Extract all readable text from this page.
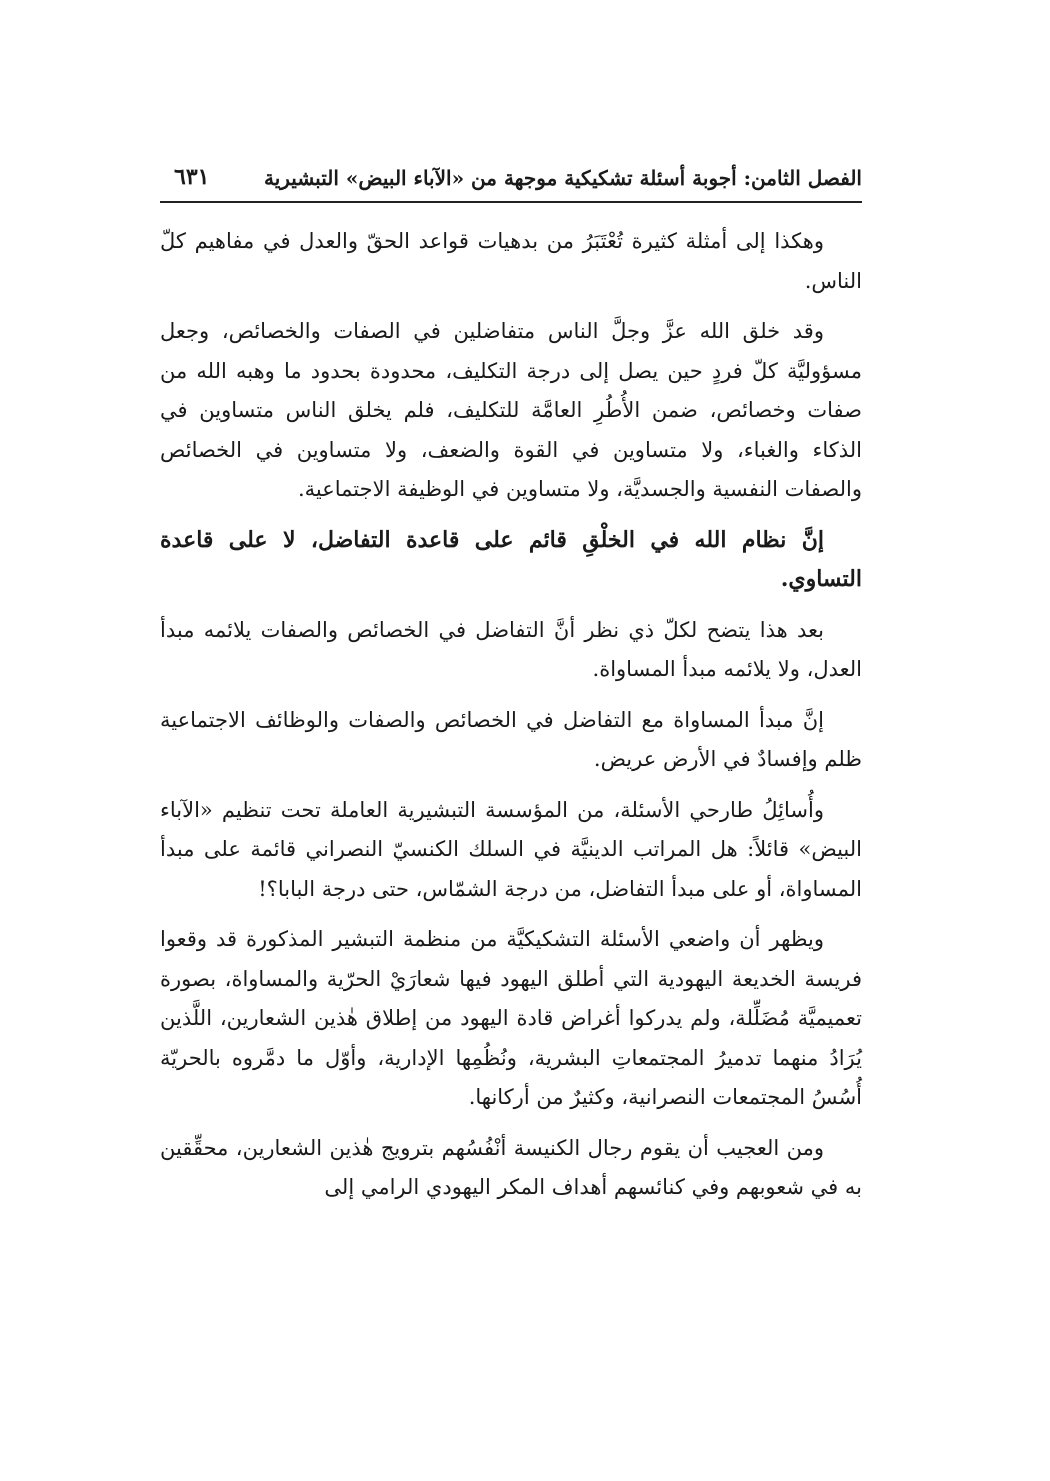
الفصل الثامن: أجوبة أسئلة تشكيكية موجهة من «الآباء البيض» التبشيرية
٦٣١

وهكذا إلى أمثلة كثيرة تُعْتَبَرُ من بدهيات قواعد الحقّ والعدل في مفاهيم كلّ الناس.

وقد خلق الله عزَّ وجلَّ الناس متفاضلين في الصفات والخصائص، وجعل مسؤوليَّة كلّ فردٍ حين يصل إلى درجة التكليف، محدودة بحدود ما وهبه الله من صفات وخصائص، ضمن الأُطُرِ العامَّة للتكليف، فلم يخلق الناس متساوين في الذكاء والغباء، ولا متساوين في القوة والضعف، ولا متساوين في الخصائص والصفات النفسية والجسديَّة، ولا متساوين في الوظيفة الاجتماعية.

إنَّ نظام الله في الخلْقِ قائم على قاعدة التفاضل، لا على قاعدة التساوي.

بعد هذا يتضح لكلّ ذي نظر أنَّ التفاضل في الخصائص والصفات يلائمه مبدأ العدل، ولا يلائمه مبدأ المساواة.

إنَّ مبدأ المساواة مع التفاضل في الخصائص والصفات والوظائف الاجتماعية ظلم وإفسادٌ في الأرض عريض.

وأُسائِلُ طارحي الأسئلة، من المؤسسة التبشيرية العاملة تحت تنظيم «الآباء البيض» قائلاً: هل المراتب الدينيَّة في السلك الكنسيّ النصراني قائمة على مبدأ المساواة، أو على مبدأ التفاضل، من درجة الشمّاس، حتى درجة البابا؟!

ويظهر أن واضعي الأسئلة التشكيكيَّة من منظمة التبشير المذكورة قد وقعوا فريسة الخديعة اليهودية التي أطلق اليهود فيها شعارَيْ الحرّية والمساواة، بصورة تعميميَّة مُضَلِّلة، ولم يدركوا أغراض قادة اليهود من إطلاق هٰذين الشعارين، اللَّذين يُرَادُ منهما تدميرُ المجتمعاتِ البشرية، ونُظُمِها الإدارية، وأوّل ما دمَّروه بالحريّة أُسُسُ المجتمعات النصرانية، وكثيرٌ من أركانها.

ومن العجيب أن يقوم رجال الكنيسة أنْفُسُهم بترويج هٰذين الشعارين، محقِّقين به في شعوبهم وفي كنائسهم أهداف المكر اليهودي الرامي إلى
